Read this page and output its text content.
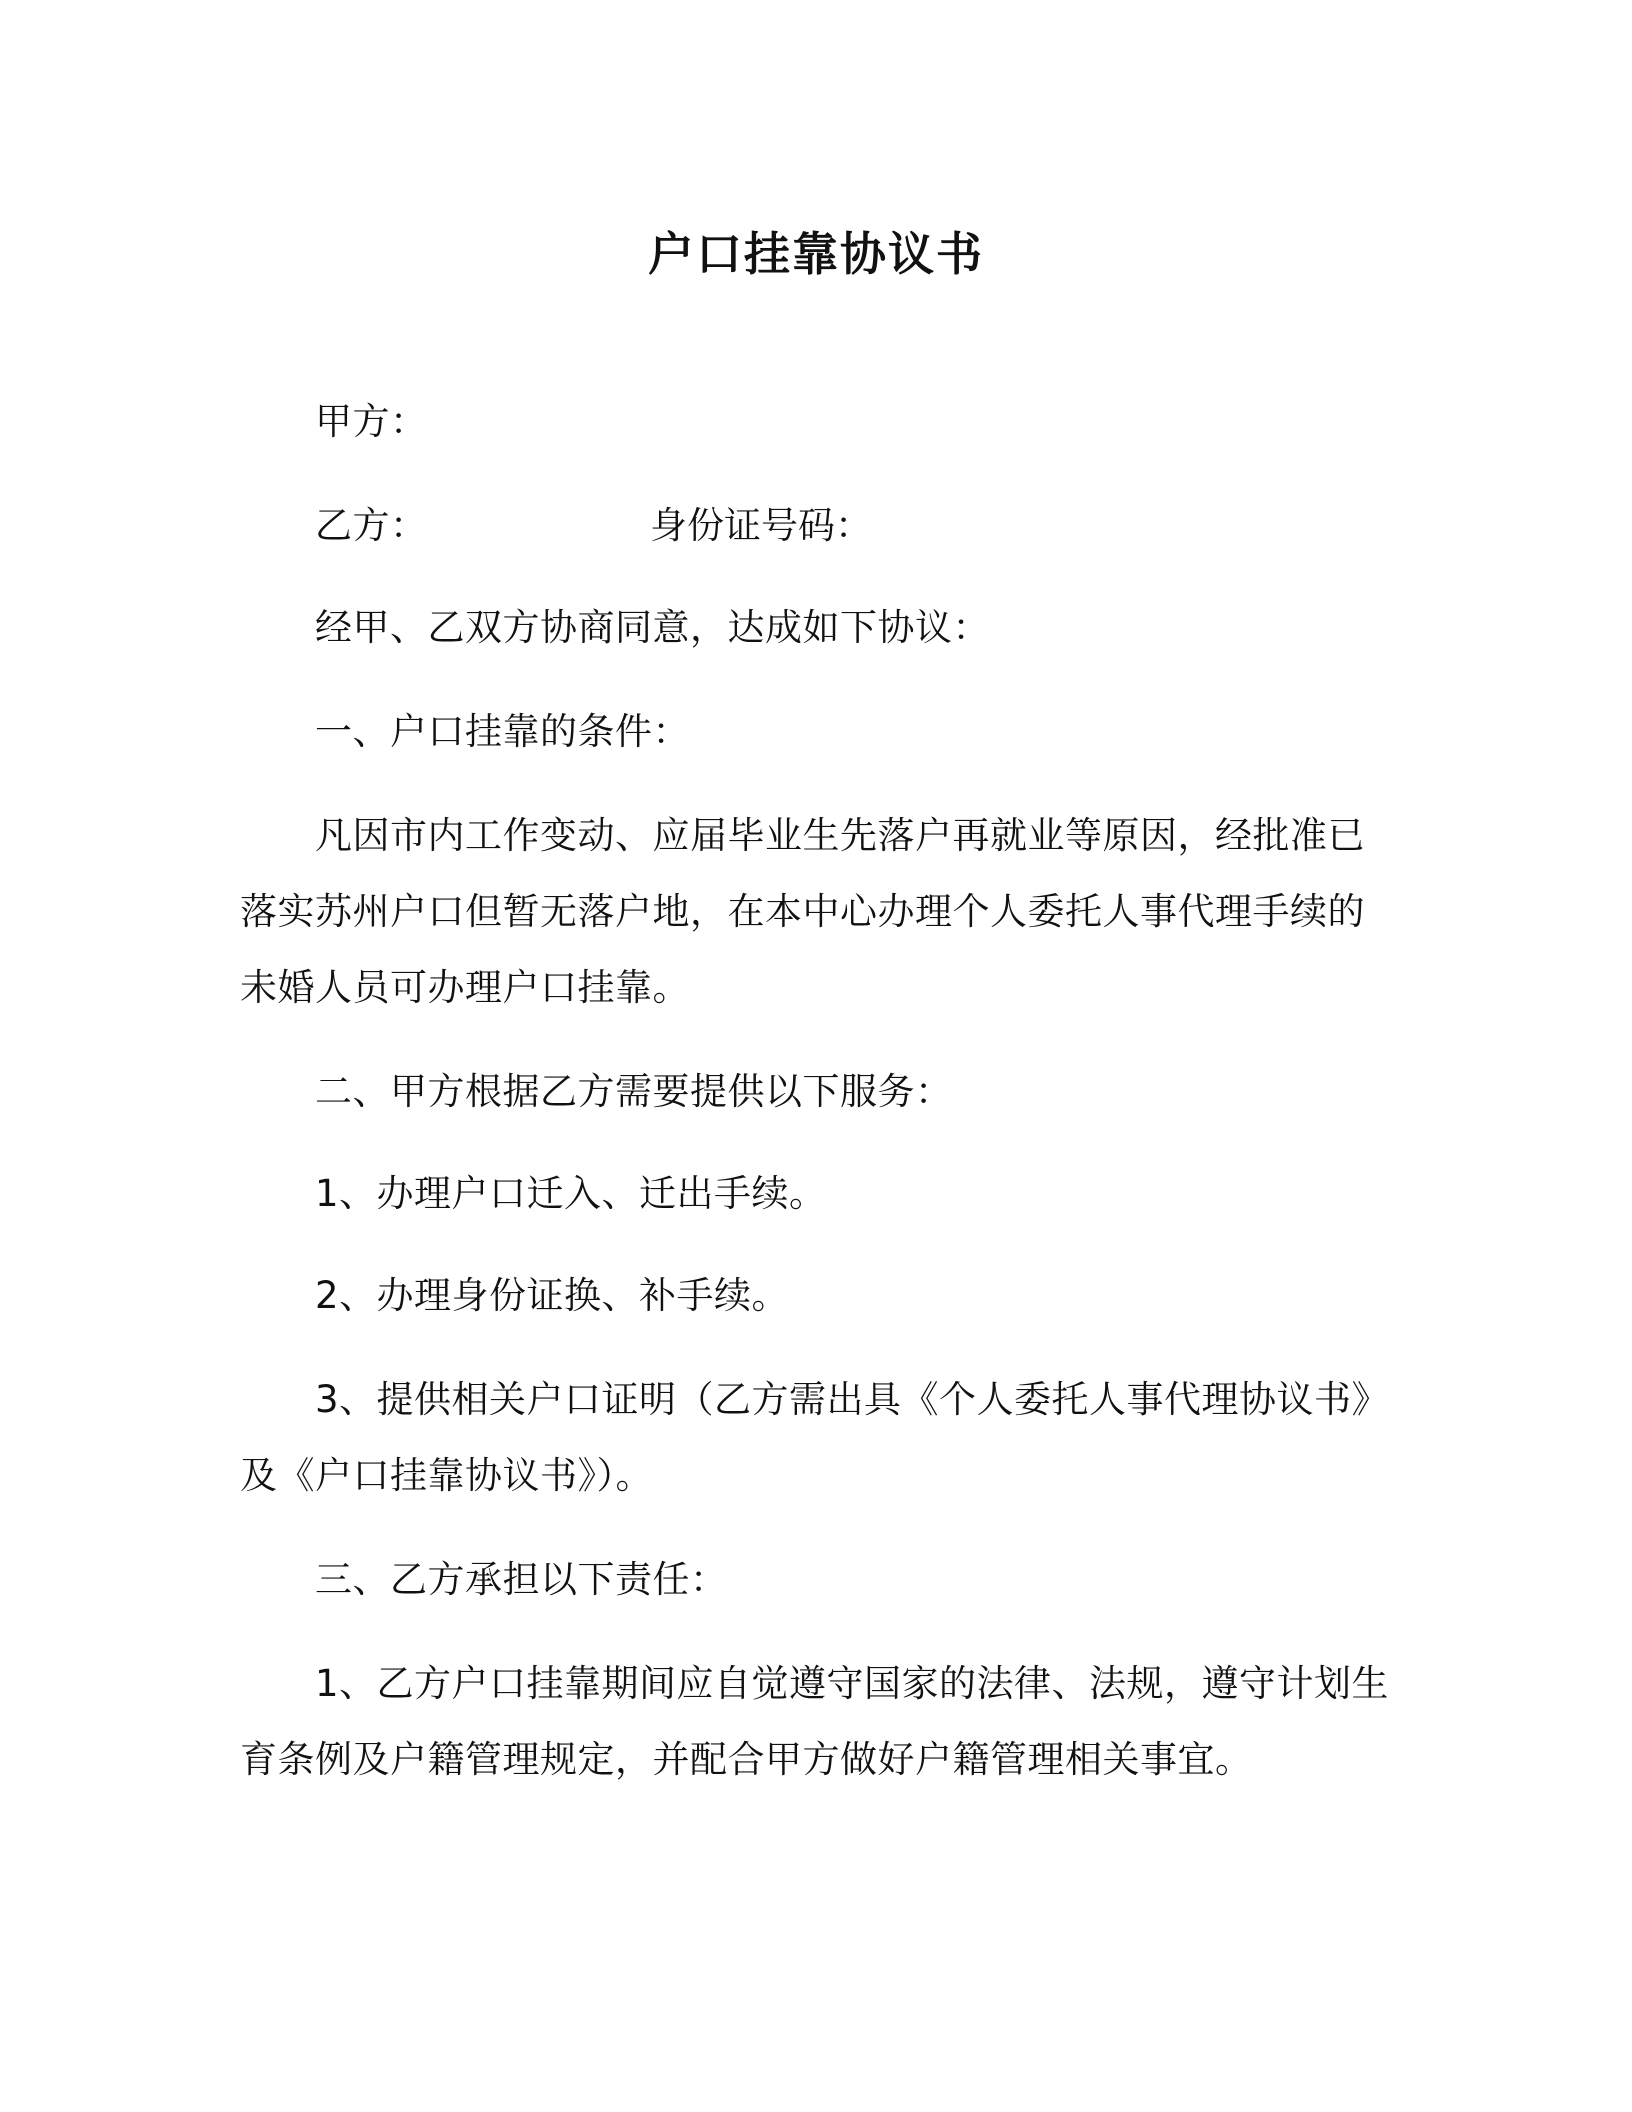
户口挂靠协议书
甲方：
乙方：	身份证号码：
经甲、乙双方协商同意，达成如下协议：
一、户口挂靠的条件：
凡因市内工作变动、应届毕业生先落户再就业等原因，经批准已
落实苏州户口但暂无落户地，在本中心办理个人委托人事代理手续的
未婚人员可办理户口挂靠。
二、甲方根据乙方需要提供以下服务：
1、办理户口迁入、迁出手续。
2、办理身份证换、补手续。
3、提供相关户口证明（乙方需出具《个人委托人事代理协议书》
及《户口挂靠协议书》）。
三、乙方承担以下责任：
1、乙方户口挂靠期间应自觉遵守国家的法律、法规，遵守计划生
育条例及户籍管理规定，并配合甲方做好户籍管理相关事宜。
